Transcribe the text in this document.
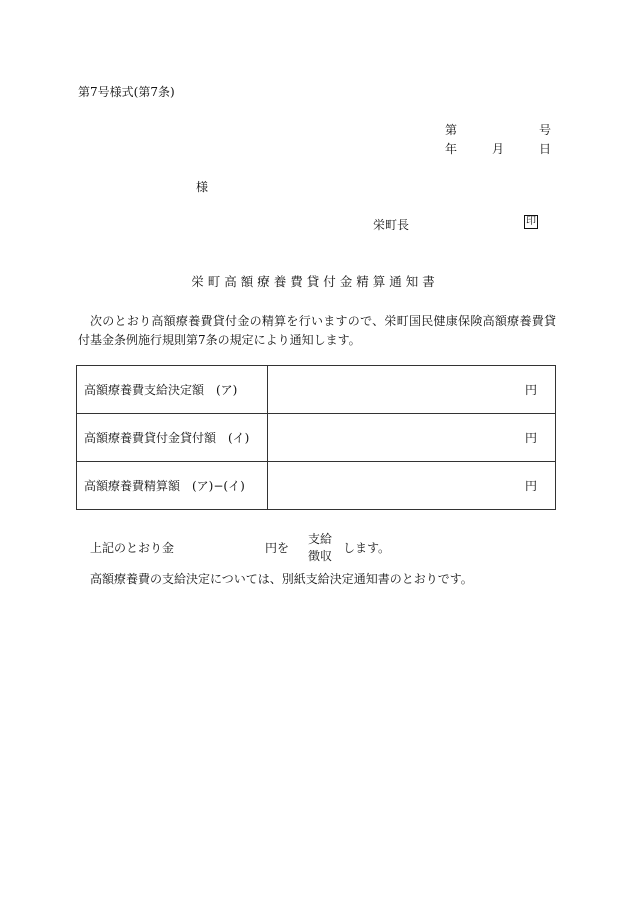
第7号様式(第7条)
第	号
年	月	日
様
栄町長	印
栄町高額療養費貸付金精算通知書
次のとおり高額療養費貸付金の精算を行いますので、栄町国民健康保険高額療養費貸付基金条例施行規則第7条の規定により通知します。
高額療養費支給決定額　(ア)	円
高額療養費貸付金貸付額　(イ)	円
高額療養費精算額　(ア)−(イ)	円
上記のとおり金	円を
支給
徴収
します。
高額療養費の支給決定については、別紙支給決定通知書のとおりです。
